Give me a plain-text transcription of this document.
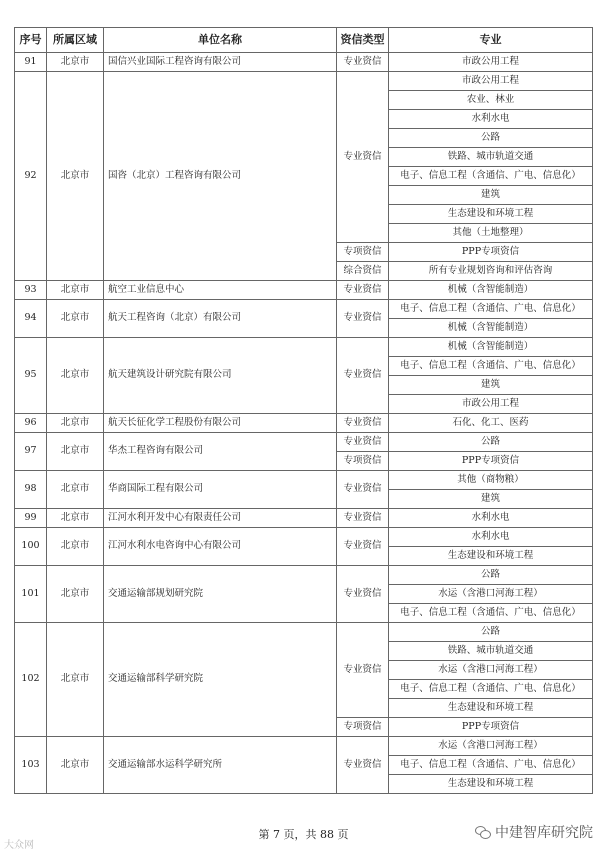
序号	所属区域	单位名称	资信类型	专业
91	北京市	国信兴业国际工程咨询有限公司	专业资信	市政公用工程
92	北京市	国咨（北京）工程咨询有限公司	专业资信	市政公用工程
				农业、林业
				水利水电
				公路
				铁路、城市轨道交通
				电子、信息工程（含通信、广电、信息化）
				建筑
				生态建设和环境工程
				其他（土地整理）
			专项资信	PPP专项资信
			综合资信	所有专业规划咨询和评估咨询
93	北京市	航空工业信息中心	专业资信	机械（含智能制造）
94	北京市	航天工程咨询（北京）有限公司	专业资信	电子、信息工程（含通信、广电、信息化）
				机械（含智能制造）
95	北京市	航天建筑设计研究院有限公司	专业资信	机械（含智能制造）
				电子、信息工程（含通信、广电、信息化）
				建筑
				市政公用工程
96	北京市	航天长征化学工程股份有限公司	专业资信	石化、化工、医药
97	北京市	华杰工程咨询有限公司	专业资信	公路
			专项资信	PPP专项资信
98	北京市	华商国际工程有限公司	专业资信	其他（商物粮）
				建筑
99	北京市	江河水利开发中心有限责任公司	专业资信	水利水电
100	北京市	江河水利水电咨询中心有限公司	专业资信	水利水电
				生态建设和环境工程
101	北京市	交通运输部规划研究院	专业资信	公路
				水运（含港口河海工程）
				电子、信息工程（含通信、广电、信息化）
102	北京市	交通运输部科学研究院	专业资信	公路
				铁路、城市轨道交通
				水运（含港口河海工程）
				电子、信息工程（含通信、广电、信息化）
				生态建设和环境工程
			专项资信	PPP专项资信
103	北京市	交通运输部水运科学研究所	专业资信	水运（含港口河海工程）
				电子、信息工程（含通信、广电、信息化）
				生态建设和环境工程
第 7 页，共 88 页
大众网
中建智库研究院
